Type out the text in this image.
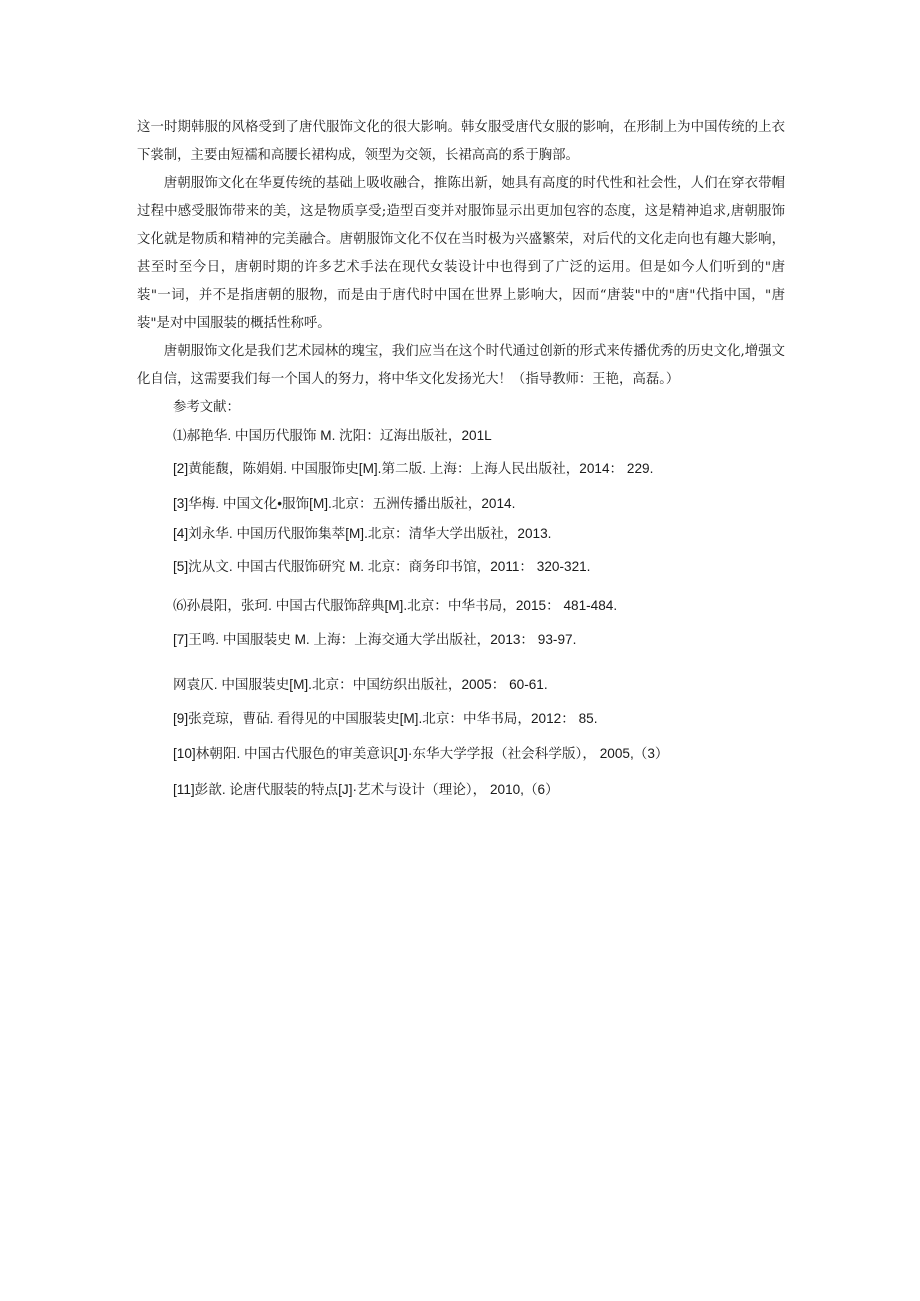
这一时期韩服的风格受到了唐代服饰文化的很大影响。韩女服受唐代女服的影响，在形制上为中国传统的上衣下裳制，主要由短襦和高腰长裙构成，领型为交领，长裙高高的系于胸部。

唐朝服饰文化在华夏传统的基础上吸收融合，推陈出新，她具有高度的时代性和社会性，人们在穿衣带帽过程中感受服饰带来的美，这是物质享受;造型百变并对服饰显示出更加包容的态度，这是精神追求,唐朝服饰文化就是物质和精神的完美融合。唐朝服饰文化不仅在当时极为兴盛繁荣，对后代的文化走向也有趣大影响，甚至时至今日，唐朝时期的许多艺术手法在现代女装设计中也得到了广泛的运用。但是如今人们听到的"唐装"一词，并不是指唐朝的服物，而是由于唐代时中国在世界上影响大，因而“唐装"中的"唐"代指中国，"唐装"是对中国服装的概括性称呼。

唐朝服饰文化是我们艺术园林的瑰宝，我们应当在这个时代通过创新的形式来传播优秀的历史文化,增强文化自信，这需要我们每一个国人的努力，将中华文化发扬光大！（指导教师：王艳，高磊。）

参考文献：

⑴郝艳华. 中国历代服饰 M. 沈阳：辽海出版社，201L
[2]黄能馥，陈娟娟. 中国服饰史[M].第二版. 上海：上海人民出版社，2014： 229.
[3]华梅. 中国文化•服饰[M].北京：五洲传播出版社，2014.
[4]刘永华. 中国历代服饰集萃[M].北京：清华大学出版社，2013.
[5]沈从文. 中国古代服饰研究 M. 北京：商务印书馆，2011： 320-321.
⑹孙晨阳，张珂. 中国古代服饰辞典[M].北京：中华书局，2015： 481-484.
[7]王鸣. 中国服装史 M. 上海：上海交通大学出版社，2013： 93-97.
网袁仄. 中国服装史[M].北京：中国纺织出版社，2005： 60-61.
[9]张竞琼，曹砧. 看得见的中国服装史[M].北京：中华书局，2012： 85.
[10]林朝阳. 中国古代服色的审美意识[J]·东华大学学报（社会科学版）， 2005,（3）
[11]彭歆. 论唐代服装的特点[J]·艺术与设计（理论）， 2010,（6）
